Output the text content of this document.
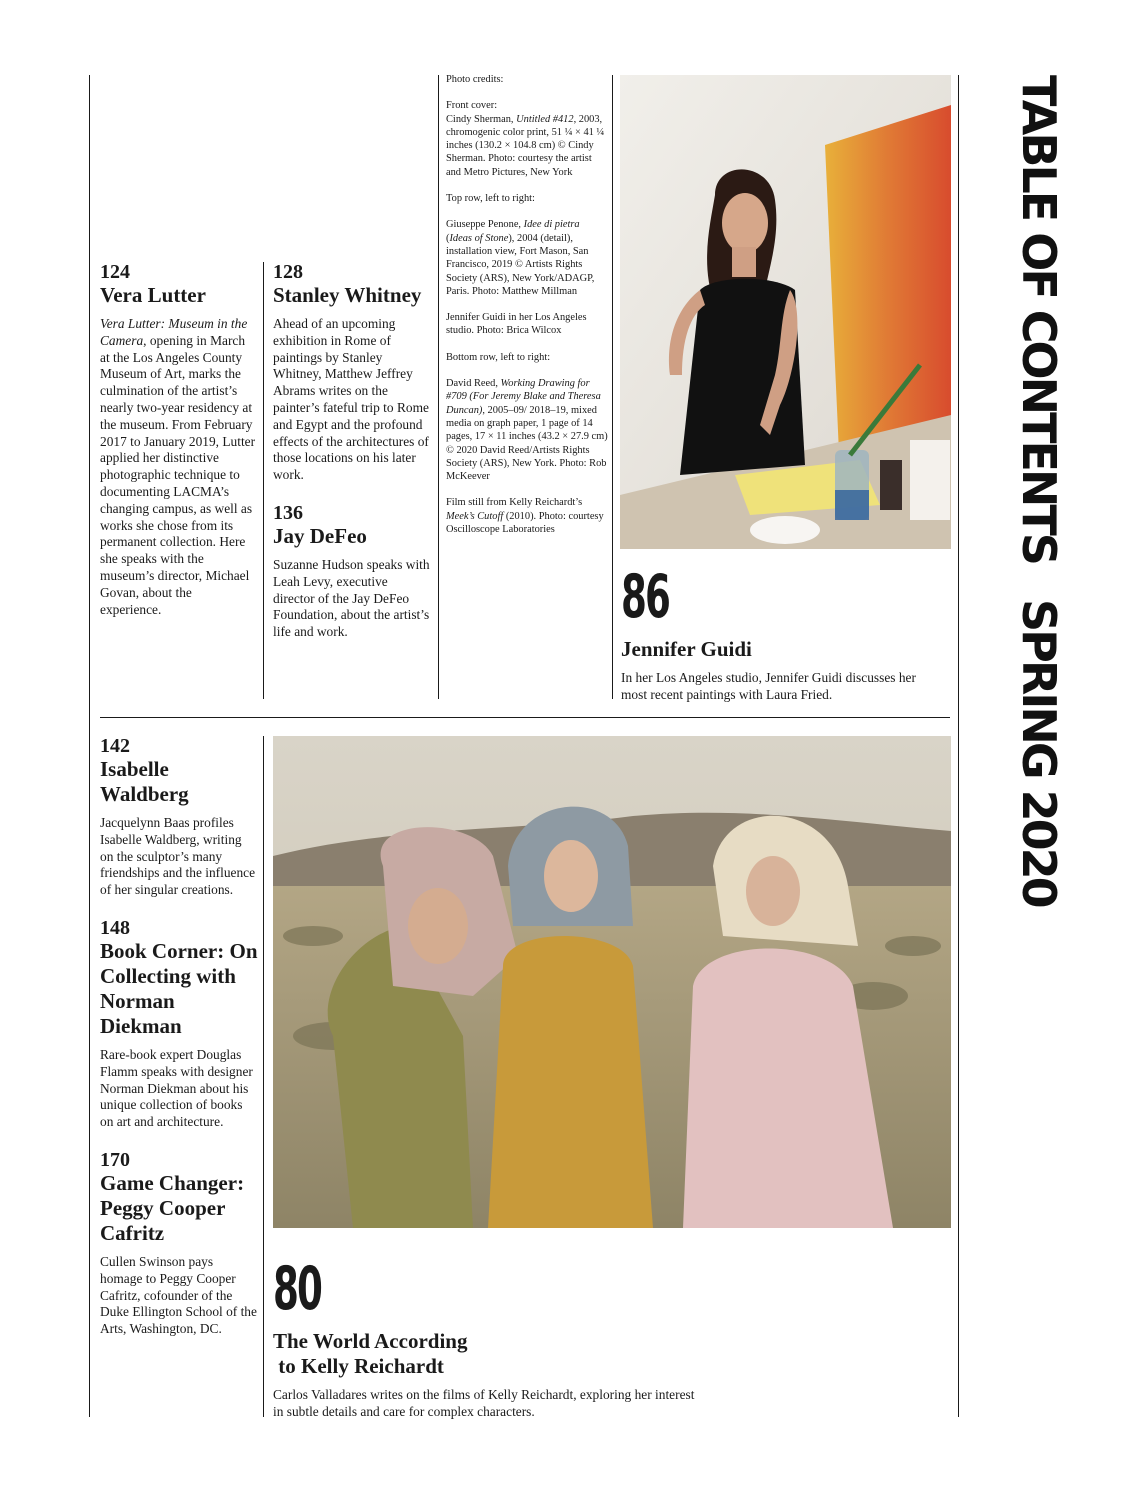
124

Vera Lutter

Vera Lutter: Museum in the Camera, opening in March at the Los Angeles County Museum of Art, marks the culmination of the artist’s nearly two-year residency at the museum. From February 2017 to January 2019, Lutter applied her distinctive photographic technique to documenting LACMA’s changing campus, as well as works she chose from its permanent collection. Here she speaks with the museum’s director, Michael Govan, about the experience.

128

Stanley Whitney

Ahead of an upcoming exhibition in Rome of paintings by Stanley Whitney, Matthew Jeffrey Abrams writes on the painter’s fateful trip to Rome and Egypt and the profound effects of the architectures of those locations on his later work.

136

Jay DeFeo

Suzanne Hudson speaks with Leah Levy, executive director of the Jay DeFeo Foundation, about the artist’s life and work.

Photo credits:

Front cover:
Cindy Sherman, Untitled #412, 2003, chromogenic color print, 51 ¼ × 41 ¼ inches (130.2 × 104.8 cm) © Cindy Sherman. Photo: courtesy the artist and Metro Pictures, New York

Top row, left to right:

Giuseppe Penone, Idee di pietra (Ideas of Stone), 2004 (detail), installation view, Fort Mason, San Francisco, 2019 © Artists Rights Society (ARS), New York/ADAGP, Paris. Photo: Matthew Millman

Jennifer Guidi in her Los Angeles studio. Photo: Brica Wilcox

Bottom row, left to right:

David Reed, Working Drawing for #709 (For Jeremy Blake and Theresa Duncan), 2005–09/ 2018–19, mixed media on graph paper, 1 page of 14 pages, 17 × 11 inches (43.2 × 27.9 cm) © 2020 David Reed/Artists Rights Society (ARS), New York. Photo: Rob McKeever

Film still from Kelly Reichardt’s Meek’s Cutoff (2010). Photo: courtesy Oscilloscope Laboratories

86
Jennifer Guidi
In her Los Angeles studio, Jennifer Guidi discusses her most recent paintings with Laura Fried.

142

Isabelle Waldberg

Jacquelynn Baas profiles Isabelle Waldberg, writing on the sculptor’s many friendships and the influence of her singular creations.

148

Book Corner: On Collecting with Norman Diekman

Rare-book expert Douglas Flamm speaks with designer Norman Diekman about his unique collection of books on art and architecture.

170

Game Changer: Peggy Cooper Cafritz

Cullen Swinson pays homage to Peggy Cooper Cafritz, cofounder of the Duke Ellington School of the Arts, Washington, DC.

80
The World According
to Kelly Reichardt
Carlos Valladares writes on the films of Kelly Reichardt, exploring her interest in subtle details and care for complex characters.
TABLE OF CONTENTSSPRING 2020
